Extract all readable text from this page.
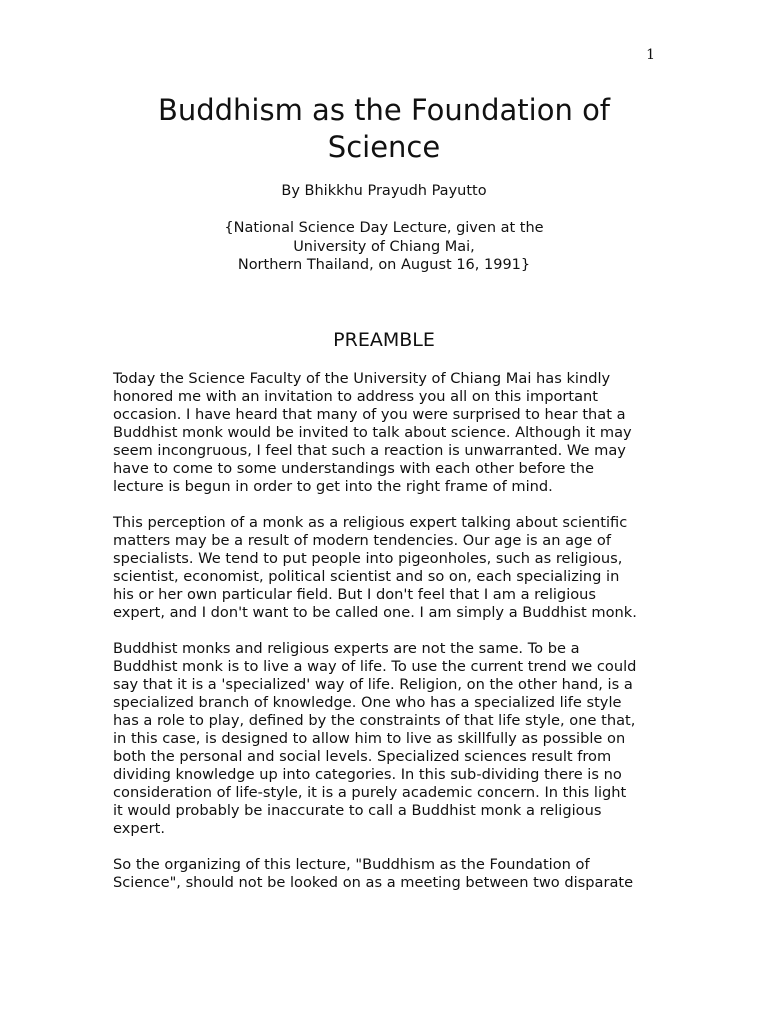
1
Buddhism as the Foundation of
Science
By Bhikkhu Prayudh Payutto
{National Science Day Lecture, given at the
University of Chiang Mai,
Northern Thailand, on August 16, 1991}
PREAMBLE

Today the Science Faculty of the University of Chiang Mai has kindly
honored me with an invitation to address you all on this important
occasion. I have heard that many of you were surprised to hear that a
Buddhist monk would be invited to talk about science. Although it may
seem incongruous, I feel that such a reaction is unwarranted. We may
have to come to some understandings with each other before the
lecture is begun in order to get into the right frame of mind.

This perception of a monk as a religious expert talking about scientific
matters may be a result of modern tendencies. Our age is an age of
specialists. We tend to put people into pigeonholes, such as religious,
scientist, economist, political scientist and so on, each specializing in
his or her own particular field. But I don't feel that I am a religious
expert, and I don't want to be called one. I am simply a Buddhist monk.

Buddhist monks and religious experts are not the same. To be a
Buddhist monk is to live a way of life. To use the current trend we could
say that it is a 'specialized' way of life. Religion, on the other hand, is a
specialized branch of knowledge. One who has a specialized life style
has a role to play, defined by the constraints of that life style, one that,
in this case, is designed to allow him to live as skillfully as possible on
both the personal and social levels. Specialized sciences result from
dividing knowledge up into categories. In this sub-dividing there is no
consideration of life-style, it is a purely academic concern. In this light
it would probably be inaccurate to call a Buddhist monk a religious
expert.

So the organizing of this lecture, "Buddhism as the Foundation of
Science", should not be looked on as a meeting between two disparate
